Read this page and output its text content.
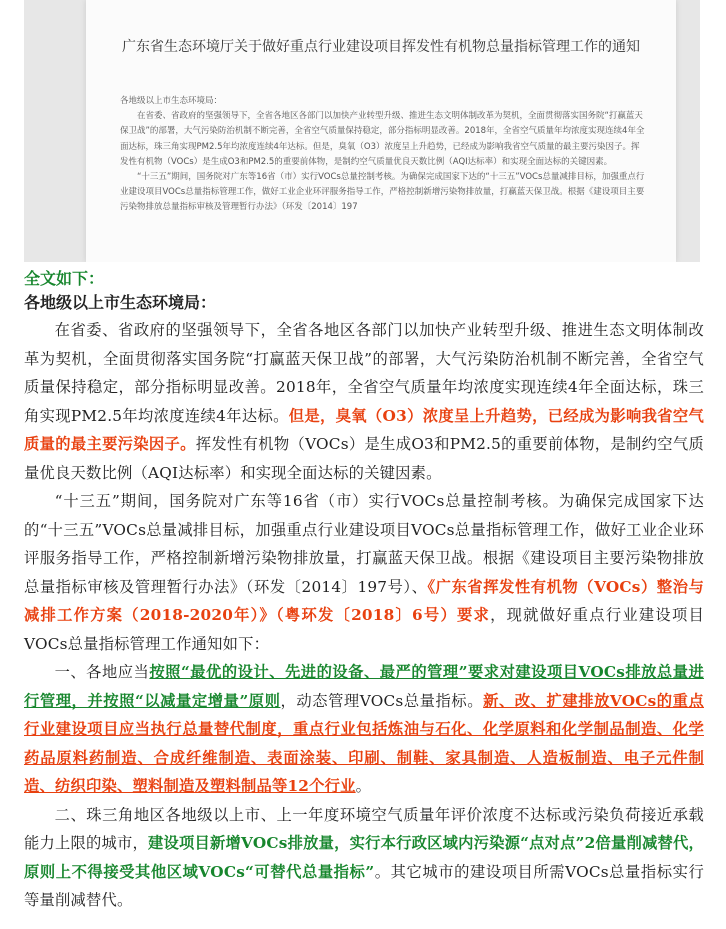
广东省生态环境厅关于做好重点行业建设项目挥发性有机物总量指标管理工作的通知

各地级以上市生态环境局：

在省委、省政府的坚强领导下，全省各地区各部门以加快产业转型升级、推进生态文明体制改革为契机，全面贯彻落实国务院“打赢蓝天保卫战”的部署，大气污染防治机制不断完善，全省空气质量保持稳定，部分指标明显改善。2018年，全省空气质量年均浓度实现连续4年全面达标，珠三角实现PM2.5年均浓度连续4年达标。但是，臭氧（O3）浓度呈上升趋势，已经成为影响我省空气质量的最主要污染因子。挥发性有机物（VOCs）是生成O3和PM2.5的重要前体物，是制约空气质量优良天数比例（AQI达标率）和实现全面达标的关键因素。

“十三五”期间，国务院对广东等16省（市）实行VOCs总量控制考核。为确保完成国家下达的“十三五”VOCs总量减排目标，加强重点行业建设项目VOCs总量指标管理工作，做好工业企业环评服务指导工作，严格控制新增污染物排放量，打赢蓝天保卫战。根据《建设项目主要污染物排放总量指标审核及管理暂行办法》（环发〔2014〕197

全文如下：
各地级以上市生态环境局：

在省委、省政府的坚强领导下，全省各地区各部门以加快产业转型升级、推进生态文明体制改革为契机，全面贯彻落实国务院“打赢蓝天保卫战”的部署，大气污染防治机制不断完善，全省空气质量保持稳定，部分指标明显改善。2018年，全省空气质量年均浓度实现连续4年全面达标，珠三角实现PM2.5年均浓度连续4年达标。但是，臭氧（O3）浓度呈上升趋势，已经成为影响我省空气质量的最主要污染因子。挥发性有机物（VOCs）是生成O3和PM2.5的重要前体物，是制约空气质量优良天数比例（AQI达标率）和实现全面达标的关键因素。

“十三五”期间，国务院对广东等16省（市）实行VOCs总量控制考核。为确保完成国家下达的“十三五”VOCs总量减排目标，加强重点行业建设项目VOCs总量指标管理工作，做好工业企业环评服务指导工作，严格控制新增污染物排放量，打赢蓝天保卫战。根据《建设项目主要污染物排放总量指标审核及管理暂行办法》（环发〔2014〕197号）、《广东省挥发性有机物（VOCs）整治与减排工作方案（2018-2020年）》（粤环发〔2018〕6号）要求，现就做好重点行业建设项目VOCs总量指标管理工作通知如下：

一、各地应当按照“最优的设计、先进的设备、最严的管理”要求对建设项目VOCs排放总量进行管理，并按照“以减量定增量”原则，动态管理VOCs总量指标。新、改、扩建排放VOCs的重点行业建设项目应当执行总量替代制度，重点行业包括炼油与石化、化学原料和化学制品制造、化学药品原料药制造、合成纤维制造、表面涂装、印刷、制鞋、家具制造、人造板制造、电子元件制造、纺织印染、塑料制造及塑料制品等12个行业。

二、珠三角地区各地级以上市、上一年度环境空气质量年评价浓度不达标或污染负荷接近承载能力上限的城市，建设项目新增VOCs排放量，实行本行政区域内污染源“点对点”2倍量削减替代，原则上不得接受其他区域VOCs“可替代总量指标”。其它城市的建设项目所需VOCs总量指标实行等量削减替代。
